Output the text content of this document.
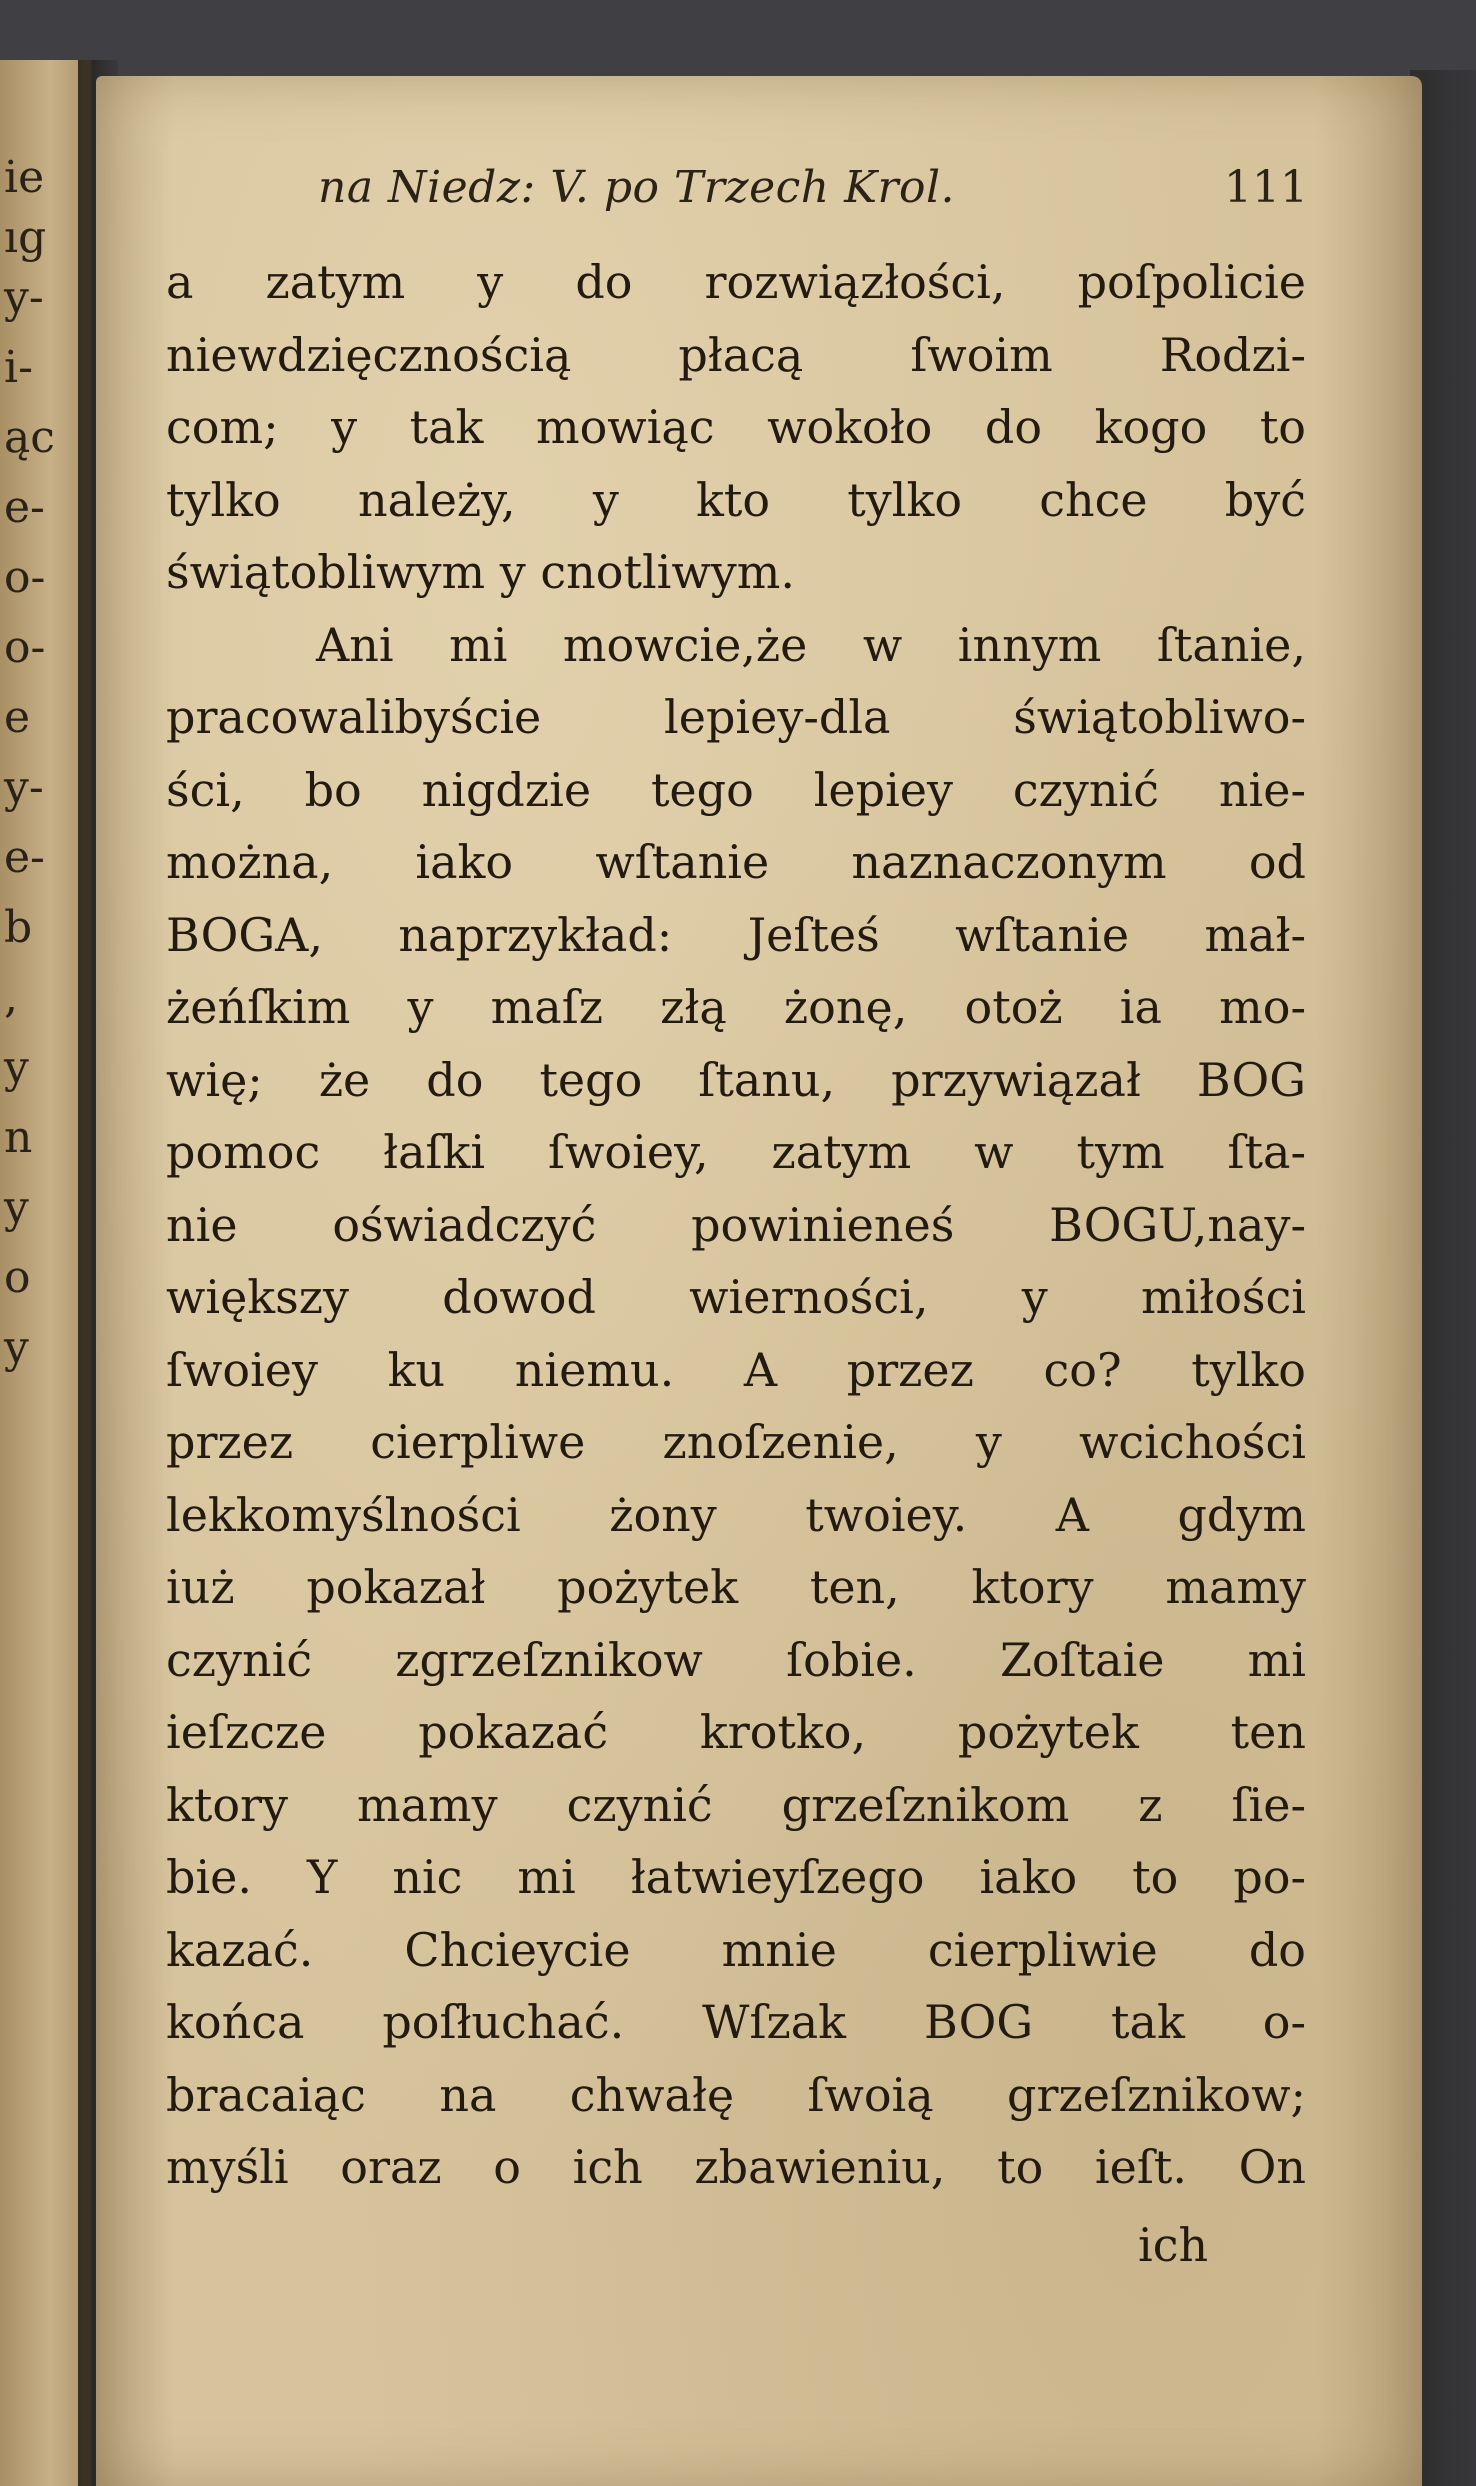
ie
ıg
y-
i-
ąc
e-
o-
o-
e
y-
e-
b
,
y
n
y
o
y
na Niedz: V. po Trzech Krol.	111
a zatym y do rozwiązłości, poſpolicie
niewdzięcznością płacą ſwoim Rodzi-
com; y tak mowiąc wokoło do kogo to
tylko należy, y kto tylko chce być
świątobliwym y cnotliwym.
Ani mi mowcie,że w innym ſtanie,
pracowalibyście lepiey-dla świątobliwo-
ści, bo nigdzie tego lepiey czynić nie-
można, iako wſtanie naznaczonym od
BOGA, naprzykład: Jeſteś wſtanie mał-
żeńſkim y maſz złą żonę, otoż ia mo-
wię; że do tego ſtanu, przywiązał BOG
pomoc łaſki ſwoiey, zatym w tym ſta-
nie oświadczyć powinieneś BOGU,nay-
większy dowod wierności, y miłości
ſwoiey ku niemu. A przez co? tylko
przez cierpliwe znoſzenie, y wcichości
lekkomyślności żony twoiey. A gdym
iuż pokazał pożytek ten, ktory mamy
czynić zgrzeſznikow ſobie. Zoſtaie mi
ieſzcze pokazać krotko, pożytek ten
ktory mamy czynić grzeſznikom z ſie-
bie. Y nic mi łatwieyſzego iako to po-
kazać. Chcieycie mnie cierpliwie do
końca poſłuchać. Wſzak BOG tak o-
bracaiąc na chwałę ſwoią grzeſznikow;
myśli oraz o ich zbawieniu, to ieſt. On
ich
